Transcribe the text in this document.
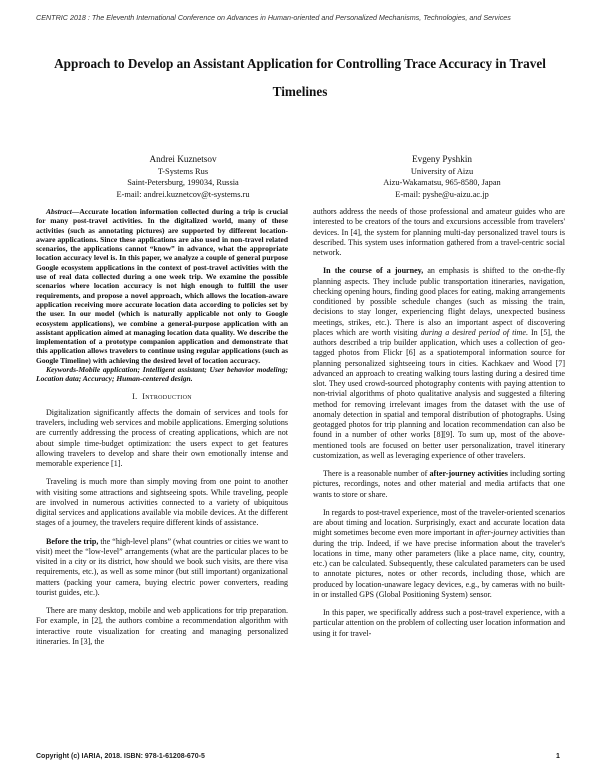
CENTRIC 2018 : The Eleventh International Conference on Advances in Human-oriented and Personalized Mechanisms, Technologies, and Services
Approach to Develop an Assistant Application for Controlling Trace Accuracy in Travel Timelines
Andrei Kuznetsov
T-Systems Rus
Saint-Petersburg, 199034, Russia
E-mail: andrei.kuznetcov@t-systems.ru
Evgeny Pyshkin
University of Aizu
Aizu-Wakamatsu, 965-8580, Japan
E-mail: pyshe@u-aizu.ac.jp

Abstract—Accurate location information collected during a trip is crucial for many post-travel activities. In the digitalized world, many of these activities (such as annotating pictures) are supported by different location-aware applications. Since these applications are also used in non-travel related scenarios, the applications cannot “know” in advance, what the appropriate location accuracy level is. In this paper, we analyze a couple of general purpose Google ecosystem applications in the context of post-travel activities with the use of real data collected during a one week trip. We examine the possible scenarios where location accuracy is not high enough to fulfill the user requirements, and propose a novel approach, which allows the location-aware application receiving more accurate location data according to policies set by the user. In our model (which is naturally applicable not only to Google ecosystem applications), we combine a general-purpose application with an assistant application aimed at managing location data quality. We describe the implementation of a prototype companion application and demonstrate that this application allows travelers to continue using regular applications (such as Google Timeline) with achieving the desired level of location accuracy.

Keywords-Mobile application; Intelligent assistant; User behavior modeling; Location data; Accuracy; Human-centered design.

I. Introduction

Digitalization significantly affects the domain of services and tools for travelers, including web services and mobile applications. Emerging solutions are currently addressing the process of creating applications, which are not about simple time-budget optimization: the users expect to get features allowing travelers to develop and share their own emotionally intense and memorable experience [1].

Traveling is much more than simply moving from one point to another with visiting some attractions and sightseeing spots. While traveling, people are involved in numerous activities connected to a variety of ubiquitous digital services and applications available via mobile devices. At the different stages of a journey, the travelers require different kinds of assistance.

Before the trip, the “high-level plans” (what countries or cities we want to visit) meet the “low-level” arrangements (what are the particular places to be visited in a city or its district, how should we book such visits, are there visa requirements, etc.), as well as some minor (but still important) organizational matters (packing your camera, buying electric power converters, reading tourist guides, etc.).

There are many desktop, mobile and web applications for trip preparation. For example, in [2], the authors combine a recommendation algorithm with interactive route visualization for creating and managing personalized itineraries. In [3], the

authors address the needs of those professional and amateur guides who are interested to be creators of the tours and excursions accessible from travelers' devices. In [4], the system for planning multi-day personalized travel tours is described. This system uses information gathered from a travel-centric social network.

In the course of a journey, an emphasis is shifted to the on-the-fly planning aspects. They include public transportation itineraries, navigation, checking opening hours, finding good places for eating, making arrangements conditioned by possible schedule changes (such as missing the train, decisions to stay longer, experiencing flight delays, unexpected business meetings, strikes, etc.). There is also an important aspect of discovering places which are worth visiting during a desired period of time. In [5], the authors described a trip builder application, which uses a collection of geo-tagged photos from Flickr [6] as a spatiotemporal information source for planning personalized sightseeing tours in cities. Kachkaev and Wood [7] advanced an approach to creating walking tours lasting during a desired time slot. They used crowd-sourced photography contents with paying attention to non-trivial algorithms of photo qualitative analysis and suggested a filtering method for removing irrelevant images from the dataset with the use of anomaly detection in spatial and temporal distribution of photographs. Using geotagged photos for trip planning and location recommendation can also be found in a number of other works [8][9]. To sum up, most of the above-mentioned tools are focused on better user personalization, travel itinerary customization, as well as leveraging experience of other travelers.

There is a reasonable number of after-journey activities including sorting pictures, recordings, notes and other material and media artifacts that one wants to store or share.

In regards to post-travel experience, most of the traveler-oriented scenarios are about timing and location. Surprisingly, exact and accurate location data might sometimes become even more important in after-journey activities than during the trip. Indeed, if we have precise information about the traveler's locations in time, many other parameters (like a place name, city, country, etc.) can be calculated. Subsequently, these calculated parameters can be used to annotate pictures, notes or other records, including those, which are produced by location-unaware legacy devices, e.g., by cameras with no built-in or installed GPS (Global Positioning System) sensor.

In this paper, we specifically address such a post-travel experience, with a particular attention on the problem of collecting user location information and using it for travel-

Copyright (c) IARIA, 2018. ISBN: 978-1-61208-670-5	1
